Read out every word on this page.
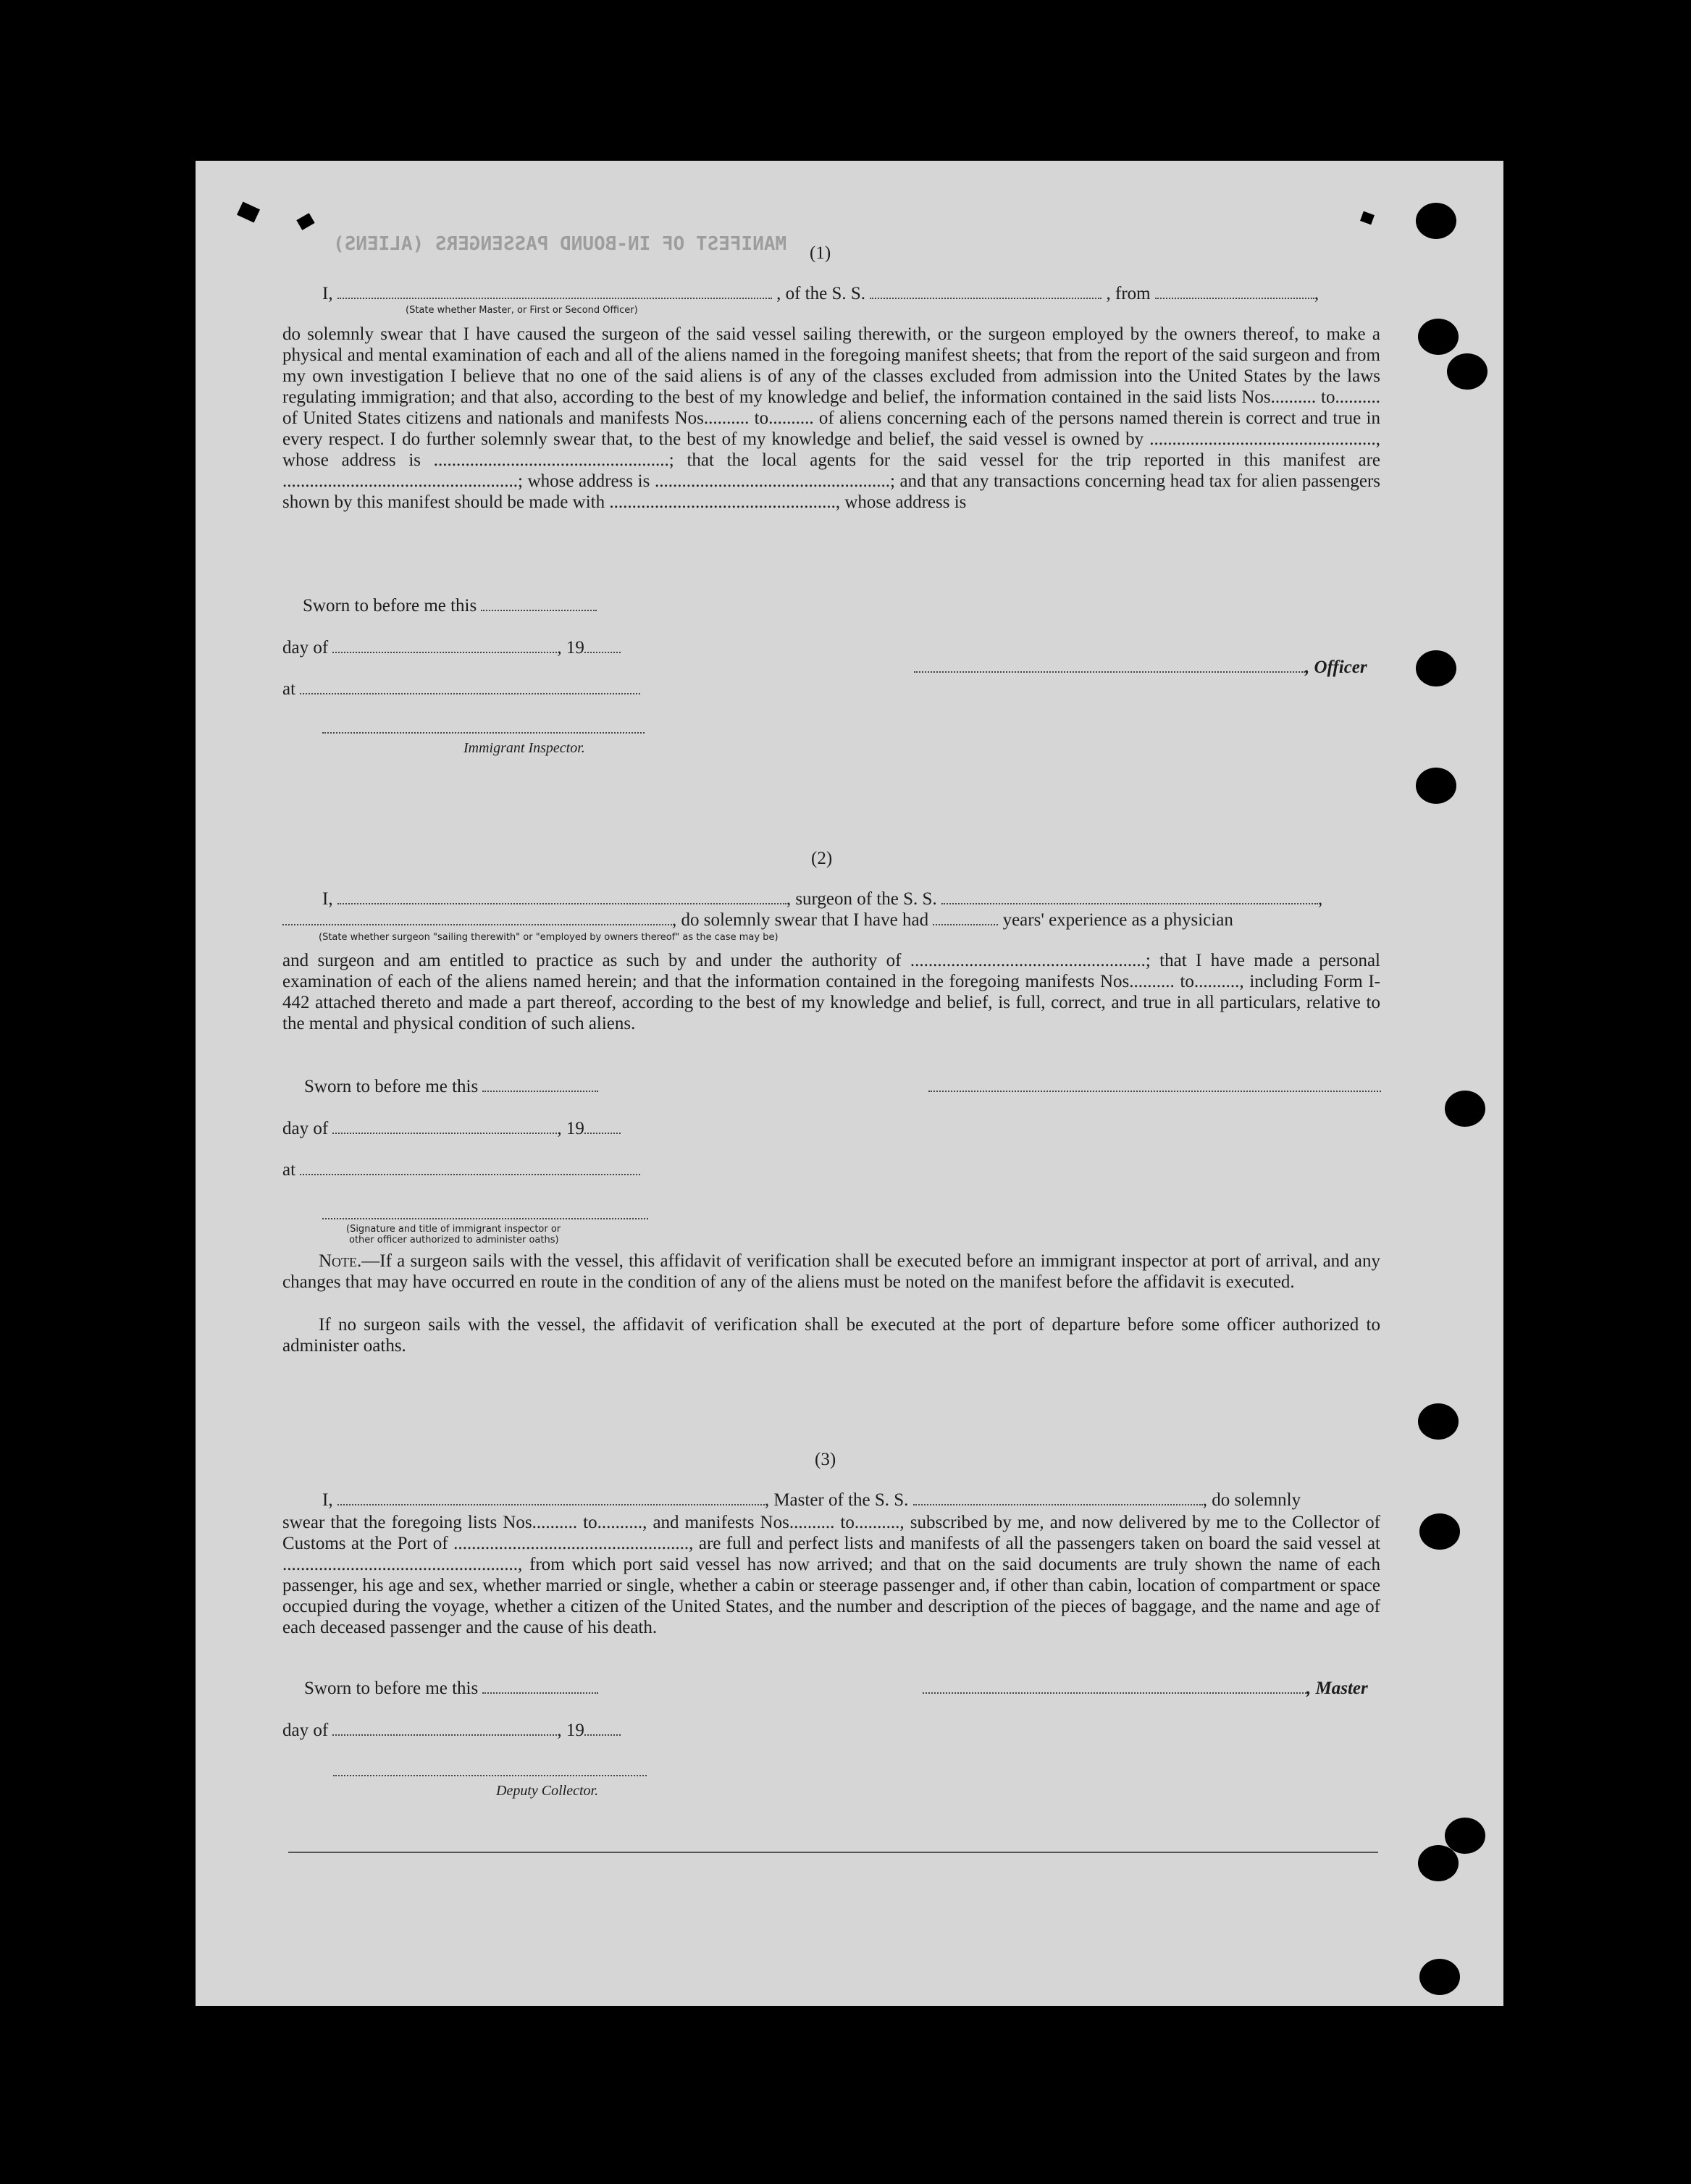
MANIFEST OF IN-BOUND PASSENGERS (ALIENS) (1)
I,	, of the S. S.	, from	,
(State whether Master, or First or Second Officer)
do solemnly swear that I have caused the surgeon of the said vessel sailing therewith, or the surgeon employed by the owners thereof, to make a physical and mental examination of each and all of the aliens named in the foregoing manifest sheets; that from the report of the said surgeon and from my own investigation I believe that no one of the said aliens is of any of the classes excluded from admission into the United States by the laws regulating immigration; and that also, according to the best of my knowledge and belief, the information contained in the said lists Nos.......... to.......... of United States citizens and nationals and manifests Nos.......... to.......... of aliens concerning each of the persons named therein is correct and true in every respect. I do further solemnly swear that, to the best of my knowledge and belief, the said vessel is owned by .................................................., whose address is ....................................................; that the local agents for the said vessel for the trip reported in this manifest are ....................................................; whose address is ....................................................; and that any transactions concerning head tax for alien passengers shown by this manifest should be made with .................................................., whose address is
Sworn to before me this
day of	, 19
at
, Officer
Immigrant Inspector.
(2)
I,	, surgeon of the S. S.	,
, do solemnly swear that I have had	years' experience as a physician
(State whether surgeon "sailing therewith" or "employed by owners thereof" as the case may be)
and surgeon and am entitled to practice as such by and under the authority of ....................................................; that I have made a personal examination of each of the aliens named herein; and that the information contained in the foregoing manifests Nos.......... to.........., including Form I-442 attached thereto and made a part thereof, according to the best of my knowledge and belief, is full, correct, and true in all particulars, relative to the mental and physical condition of such aliens.
Sworn to before me this
day of	, 19
at
(Signature and title of immigrant inspector or
other officer authorized to administer oaths)
Note.—If a surgeon sails with the vessel, this affidavit of verification shall be executed before an immigrant inspector at port of arrival, and any changes that may have occurred en route in the condition of any of the aliens must be noted on the manifest before the affidavit is executed.
If no surgeon sails with the vessel, the affidavit of verification shall be executed at the port of departure before some officer authorized to administer oaths.
(3)
I,	, Master of the S. S.	, do solemnly
swear that the foregoing lists Nos.......... to.........., and manifests Nos.......... to.........., subscribed by me, and now delivered by me to the Collector of Customs at the Port of ...................................................., are full and perfect lists and manifests of all the passengers taken on board the said vessel at ...................................................., from which port said vessel has now arrived; and that on the said documents are truly shown the name of each passenger, his age and sex, whether married or single, whether a cabin or steerage passenger and, if other than cabin, location of compartment or space occupied during the voyage, whether a citizen of the United States, and the number and description of the pieces of baggage, and the name and age of each deceased passenger and the cause of his death.
Sworn to before me this	, Master
day of	, 19
Deputy Collector.
